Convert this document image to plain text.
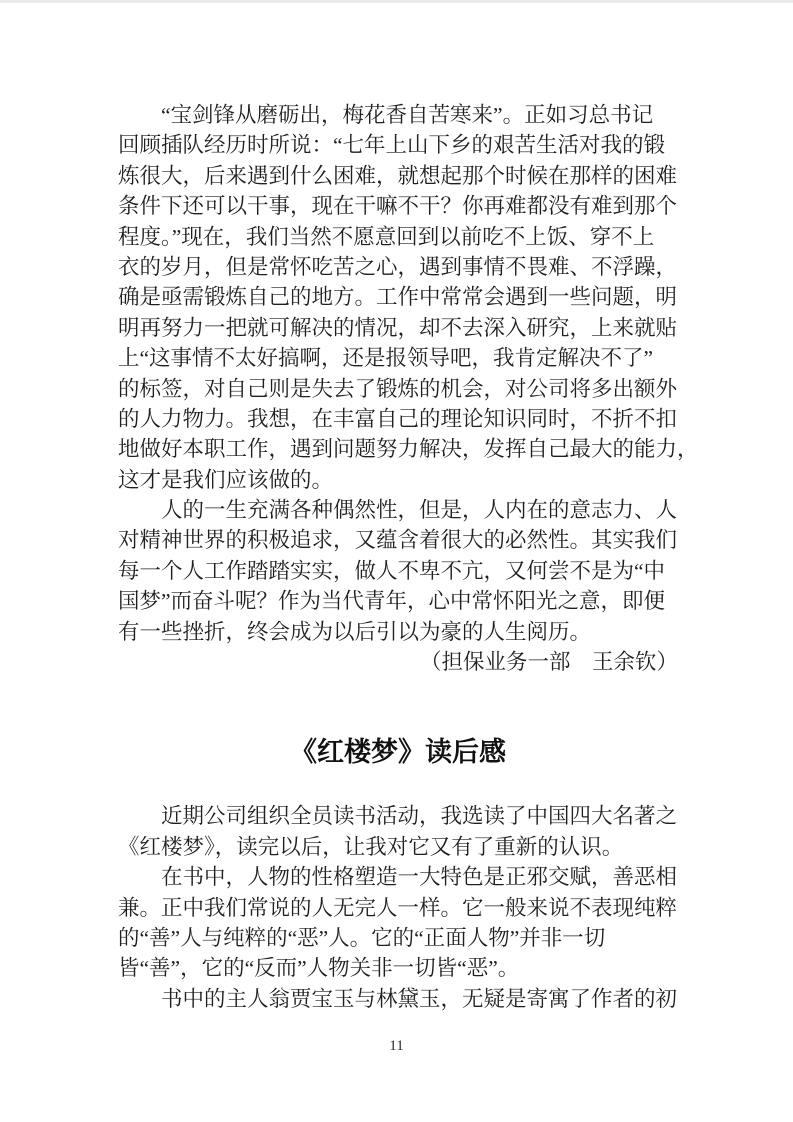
“宝剑锋从磨砺出，梅花香自苦寒来”。正如习总书记
回顾插队经历时所说：“七年上山下乡的艰苦生活对我的锻
炼很大，后来遇到什么困难，就想起那个时候在那样的困难
条件下还可以干事，现在干嘛不干？你再难都没有难到那个
程度。”现在，我们当然不愿意回到以前吃不上饭、穿不上
衣的岁月，但是常怀吃苦之心，遇到事情不畏难、不浮躁，
确是亟需锻炼自己的地方。工作中常常会遇到一些问题，明
明再努力一把就可解决的情况，却不去深入研究，上来就贴
上“这事情不太好搞啊，还是报领导吧，我肯定解决不了”
的标签，对自己则是失去了锻炼的机会，对公司将多出额外
的人力物力。我想，在丰富自己的理论知识同时，不折不扣
地做好本职工作，遇到问题努力解决，发挥自己最大的能力，
这才是我们应该做的。
人的一生充满各种偶然性，但是，人内在的意志力、人
对精神世界的积极追求，又蕴含着很大的必然性。其实我们
每一个人工作踏踏实实，做人不卑不亢，又何尝不是为“中
国梦”而奋斗呢？作为当代青年，心中常怀阳光之意，即便
有一些挫折，终会成为以后引以为豪的人生阅历。
（担保业务一部　王余钦）
《红楼梦》读后感
近期公司组织全员读书活动，我选读了中国四大名著之
《红楼梦》，读完以后，让我对它又有了重新的认识。
在书中，人物的性格塑造一大特色是正邪交赋，善恶相
兼。正中我们常说的人无完人一样。它一般来说不表现纯粹
的“善”人与纯粹的“恶”人。它的“正面人物”并非一切
皆“善”，它的“反而”人物关非一切皆“恶”。
书中的主人翁贾宝玉与林黛玉，无疑是寄寓了作者的初
11
